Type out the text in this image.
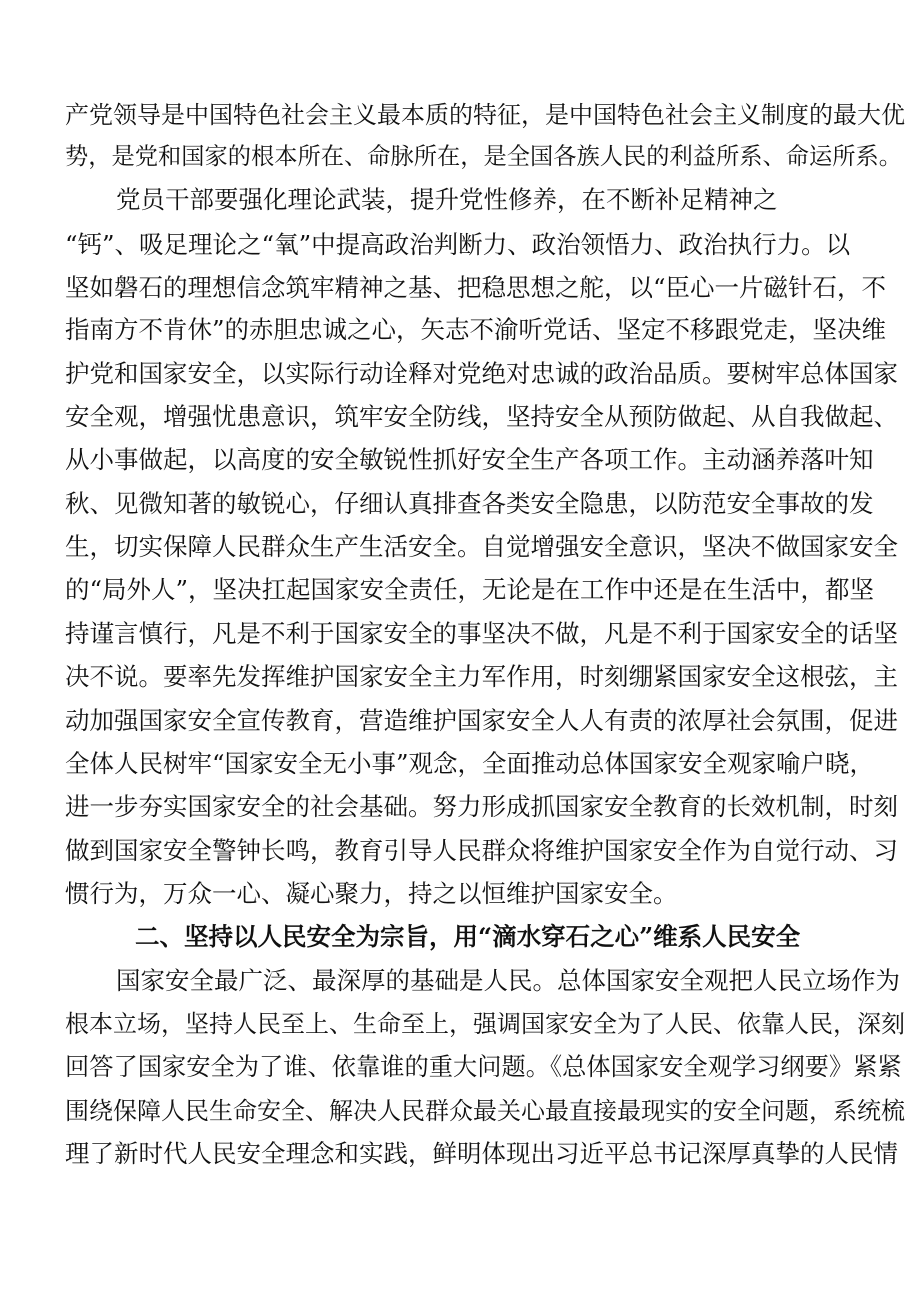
产党领导是中国特色社会主义最本质的特征，是中国特色社会主义制度的最大优
势，是党和国家的根本所在、命脉所在，是全国各族人民的利益所系、命运所系。
党员干部要强化理论武装，提升党性修养，在不断补足精神之
“钙”、吸足理论之“氧”中提高政治判断力、政治领悟力、政治执行力。以
坚如磐石的理想信念筑牢精神之基、把稳思想之舵，以“臣心一片磁针石，不
指南方不肯休”的赤胆忠诚之心，矢志不渝听党话、坚定不移跟党走，坚决维
护党和国家安全，以实际行动诠释对党绝对忠诚的政治品质。要树牢总体国家
安全观，增强忧患意识，筑牢安全防线，坚持安全从预防做起、从自我做起、
从小事做起，以高度的安全敏锐性抓好安全生产各项工作。主动涵养落叶知
秋、见微知著的敏锐心，仔细认真排查各类安全隐患，以防范安全事故的发
生，切实保障人民群众生产生活安全。自觉增强安全意识，坚决不做国家安全
的“局外人”，坚决扛起国家安全责任，无论是在工作中还是在生活中，都坚
持谨言慎行，凡是不利于国家安全的事坚决不做，凡是不利于国家安全的话坚
决不说。要率先发挥维护国家安全主力军作用，时刻绷紧国家安全这根弦，主
动加强国家安全宣传教育，营造维护国家安全人人有责的浓厚社会氛围，促进
全体人民树牢“国家安全无小事”观念，全面推动总体国家安全观家喻户晓，
进一步夯实国家安全的社会基础。努力形成抓国家安全教育的长效机制，时刻
做到国家安全警钟长鸣，教育引导人民群众将维护国家安全作为自觉行动、习
惯行为，万众一心、凝心聚力，持之以恒维护国家安全。
二、坚持以人民安全为宗旨，用“滴水穿石之心”维系人民安全
国家安全最广泛、最深厚的基础是人民。总体国家安全观把人民立场作为
根本立场，坚持人民至上、生命至上，强调国家安全为了人民、依靠人民，深刻
回答了国家安全为了谁、依靠谁的重大问题。《总体国家安全观学习纲要》紧紧
围绕保障人民生命安全、解决人民群众最关心最直接最现实的安全问题，系统梳
理了新时代人民安全理念和实践，鲜明体现出习近平总书记深厚真挚的人民情
